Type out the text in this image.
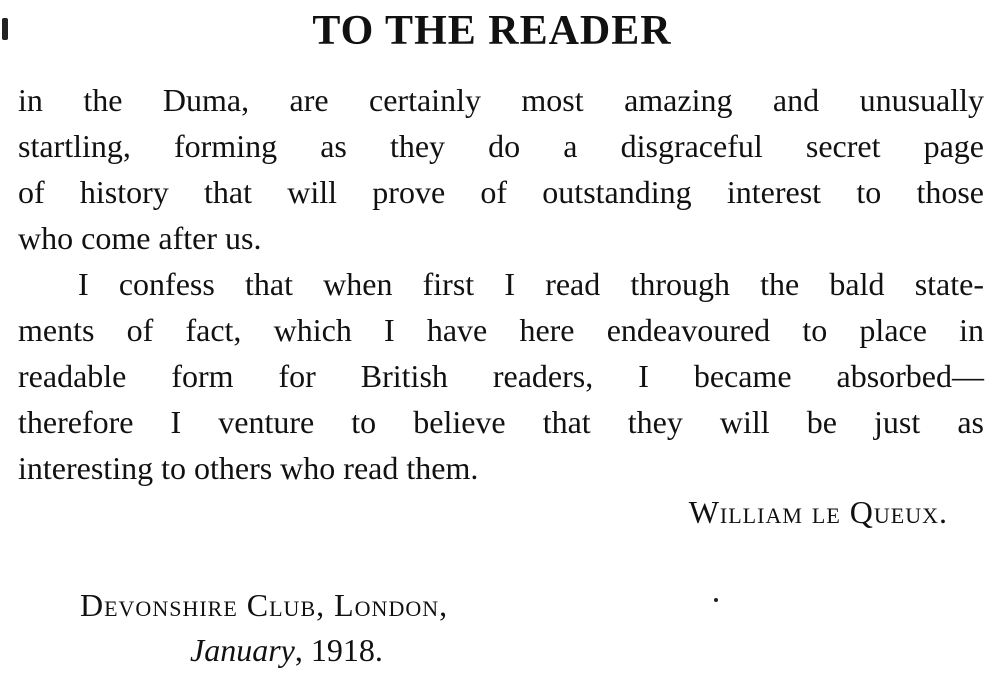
TO THE READER
in the Duma, are certainly most amazing and unusually
startling, forming as they do a disgraceful secret page
of history that will prove of outstanding interest to those
who come after us.
I confess that when first I read through the bald state-
ments of fact, which I have here endeavoured to place in
readable form for British readers, I became absorbed—
therefore I venture to believe that they will be just as
interesting to others who read them.
William le Queux.
Devonshire Club, London,
January, 1918.
